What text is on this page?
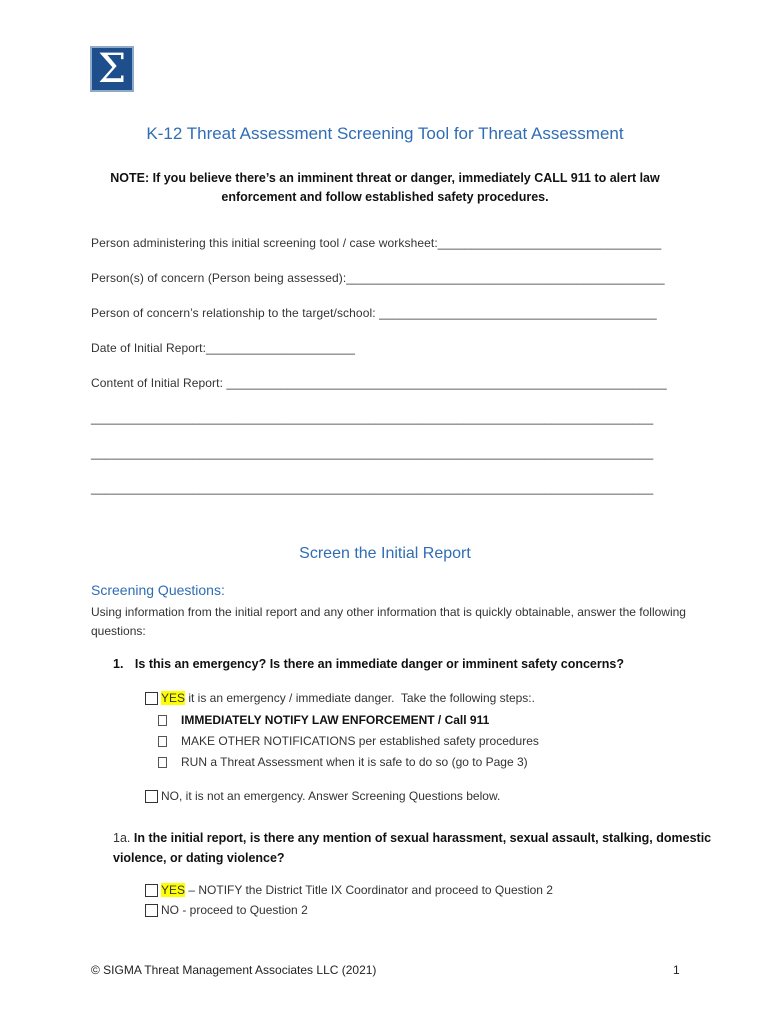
Σ
K-12 Threat Assessment Screening Tool for Threat Assessment
NOTE: If you believe there’s an imminent threat or danger, immediately CALL 911 to alert law enforcement and follow established safety procedures.
Person administering this initial screening tool / case worksheet:_________________________________
Person(s) of concern (Person being assessed):_______________________________________________
Person of concern’s relationship to the target/school: _________________________________________
Date of Initial Report:______________________
Content of Initial Report: _________________________________________________________________
___________________________________________________________________________________
___________________________________________________________________________________
___________________________________________________________________________________
Screen the Initial Report
Screening Questions:
Using information from the initial report and any other information that is quickly obtainable, answer the following questions:
1. Is this an emergency? Is there an immediate danger or imminent safety concerns?
YES it is an emergency / immediate danger.  Take the following steps:.
IMMEDIATELY NOTIFY LAW ENFORCEMENT / Call 911
MAKE OTHER NOTIFICATIONS per established safety procedures
RUN a Threat Assessment when it is safe to do so (go to Page 3)
NO, it is not an emergency. Answer Screening Questions below.
1a. In the initial report, is there any mention of sexual harassment, sexual assault, stalking, domestic
violence, or dating violence?
YES – NOTIFY the District Title IX Coordinator and proceed to Question 2
NO - proceed to Question 2
© SIGMA Threat Management Associates LLC (2021)	1
